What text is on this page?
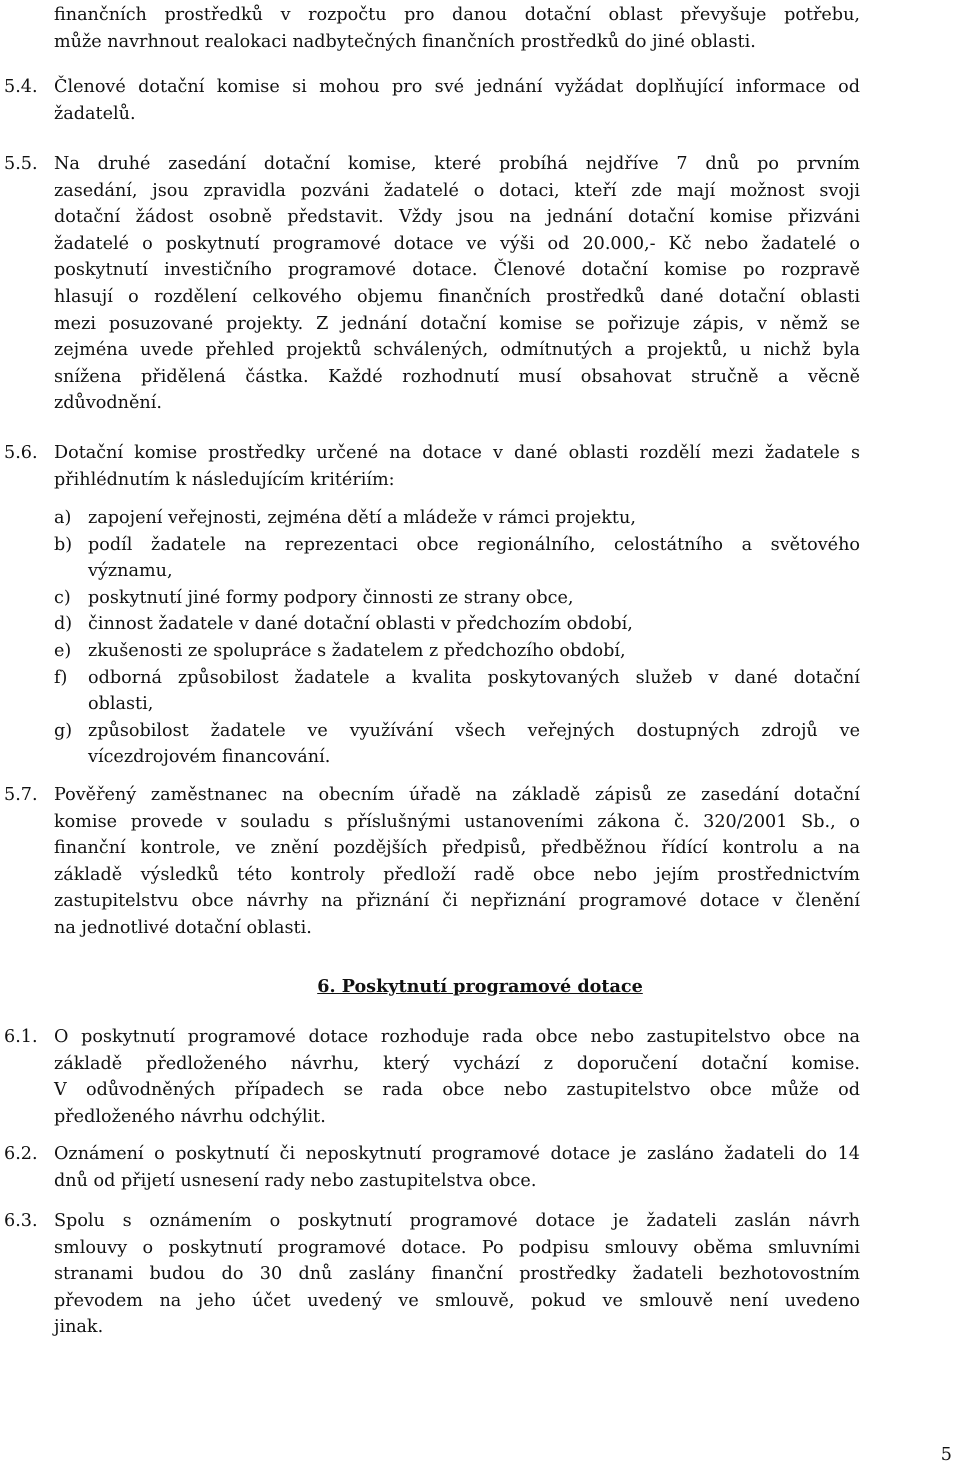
finančních prostředků v rozpočtu pro danou dotační oblast převyšuje potřebu,
může navrhnout realokaci nadbytečných finančních prostředků do jiné oblasti.
5.4. Členové dotační komise si mohou pro své jednání vyžádat doplňující informace od
žadatelů.
5.5. Na druhé zasedání dotační komise, které probíhá nejdříve 7 dnů po prvním
zasedání, jsou zpravidla pozváni žadatelé o dotaci, kteří zde mají možnost svoji
dotační žádost osobně představit. Vždy jsou na jednání dotační komise přizváni
žadatelé o poskytnutí programové dotace ve výši od 20.000,- Kč nebo žadatelé o
poskytnutí investičního programové dotace. Členové dotační komise po rozpravě
hlasují o rozdělení celkového objemu finančních prostředků dané dotační oblasti
mezi posuzované projekty. Z jednání dotační komise se pořizuje zápis, v němž se
zejména uvede přehled projektů schválených, odmítnutých a projektů, u nichž byla
snížena přidělená částka. Každé rozhodnutí musí obsahovat stručně a věcně
zdůvodnění.
5.6. Dotační komise prostředky určené na dotace v dané oblasti rozdělí mezi žadatele s
přihlédnutím k následujícím kritériím:
a) zapojení veřejnosti, zejména dětí a mládeže v rámci projektu,
b) podíl žadatele na reprezentaci obce regionálního, celostátního a světového
významu,
c) poskytnutí jiné formy podpory činnosti ze strany obce,
d) činnost žadatele v dané dotační oblasti v předchozím období,
e) zkušenosti ze spolupráce s žadatelem z předchozího období,
f) odborná způsobilost žadatele a kvalita poskytovaných služeb v dané dotační
oblasti,
g) způsobilost žadatele ve využívání všech veřejných dostupných zdrojů ve
vícezdrojovém financování.
5.7. Pověřený zaměstnanec na obecním úřadě na základě zápisů ze zasedání dotační
komise provede v souladu s příslušnými ustanoveními zákona č. 320/2001 Sb., o
finanční kontrole, ve znění pozdějších předpisů, předběžnou řídící kontrolu a na
základě výsledků této kontroly předloží radě obce nebo jejím prostřednictvím
zastupitelstvu obce návrhy na přiznání či nepřiznání programové dotace v členění
na jednotlivé dotační oblasti.
6. Poskytnutí programové dotace
6.1. O poskytnutí programové dotace rozhoduje rada obce nebo zastupitelstvo obce na
základě předloženého návrhu, který vychází z doporučení dotační komise.
V odůvodněných případech se rada obce nebo zastupitelstvo obce může od
předloženého návrhu odchýlit.
6.2. Oznámení o poskytnutí či neposkytnutí programové dotace je zasláno žadateli do 14
dnů od přijetí usnesení rady nebo zastupitelstva obce.
6.3. Spolu s oznámením o poskytnutí programové dotace je žadateli zaslán návrh
smlouvy o poskytnutí programové dotace. Po podpisu smlouvy oběma smluvními
stranami budou do 30 dnů zaslány finanční prostředky žadateli bezhotovostním
převodem na jeho účet uvedený ve smlouvě, pokud ve smlouvě není uvedeno
jinak.
5
